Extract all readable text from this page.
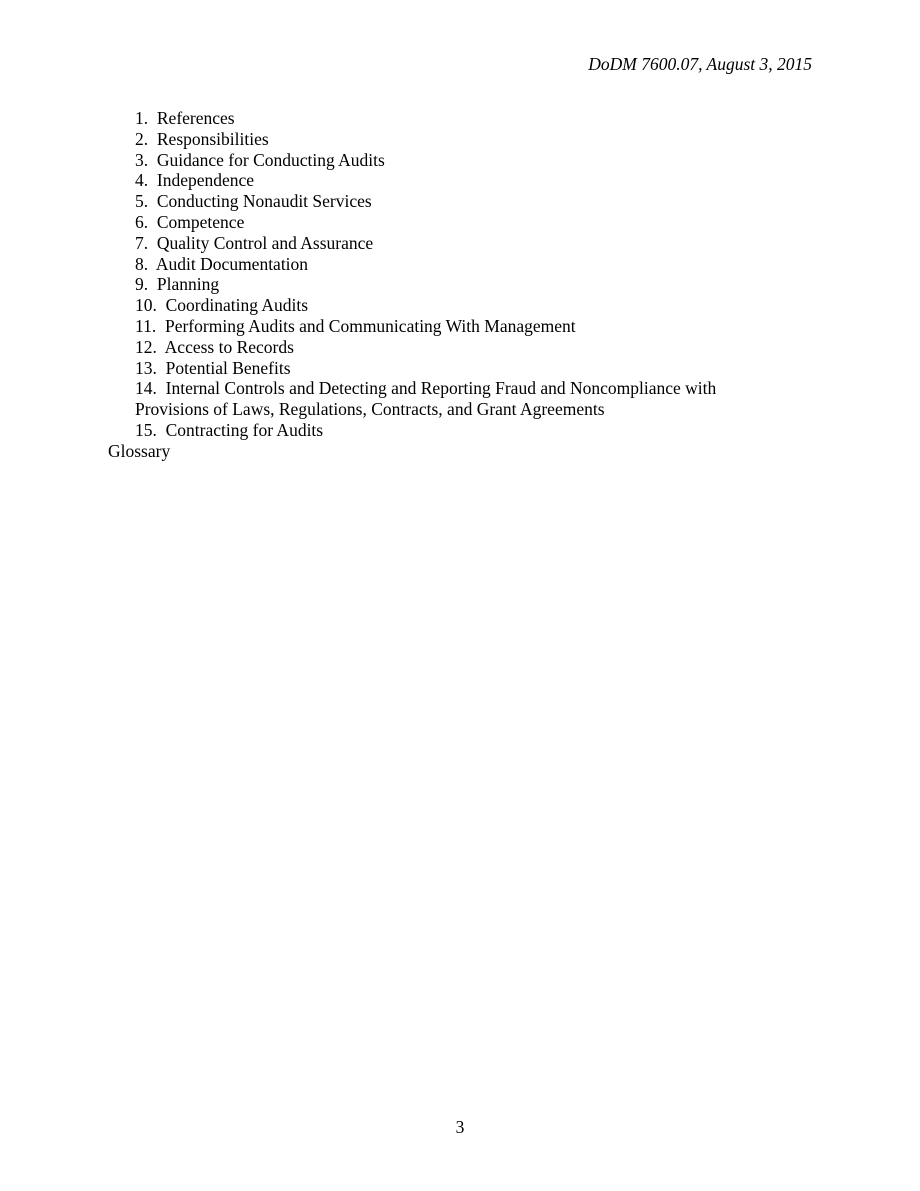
DoDM 7600.07, August 3, 2015
1. References
2. Responsibilities
3. Guidance for Conducting Audits
4. Independence
5. Conducting Nonaudit Services
6. Competence
7. Quality Control and Assurance
8. Audit Documentation
9. Planning
10. Coordinating Audits
11. Performing Audits and Communicating With Management
12. Access to Records
13. Potential Benefits
14. Internal Controls and Detecting and Reporting Fraud and Noncompliance with
Provisions of Laws, Regulations, Contracts, and Grant Agreements
15. Contracting for Audits
Glossary
3
